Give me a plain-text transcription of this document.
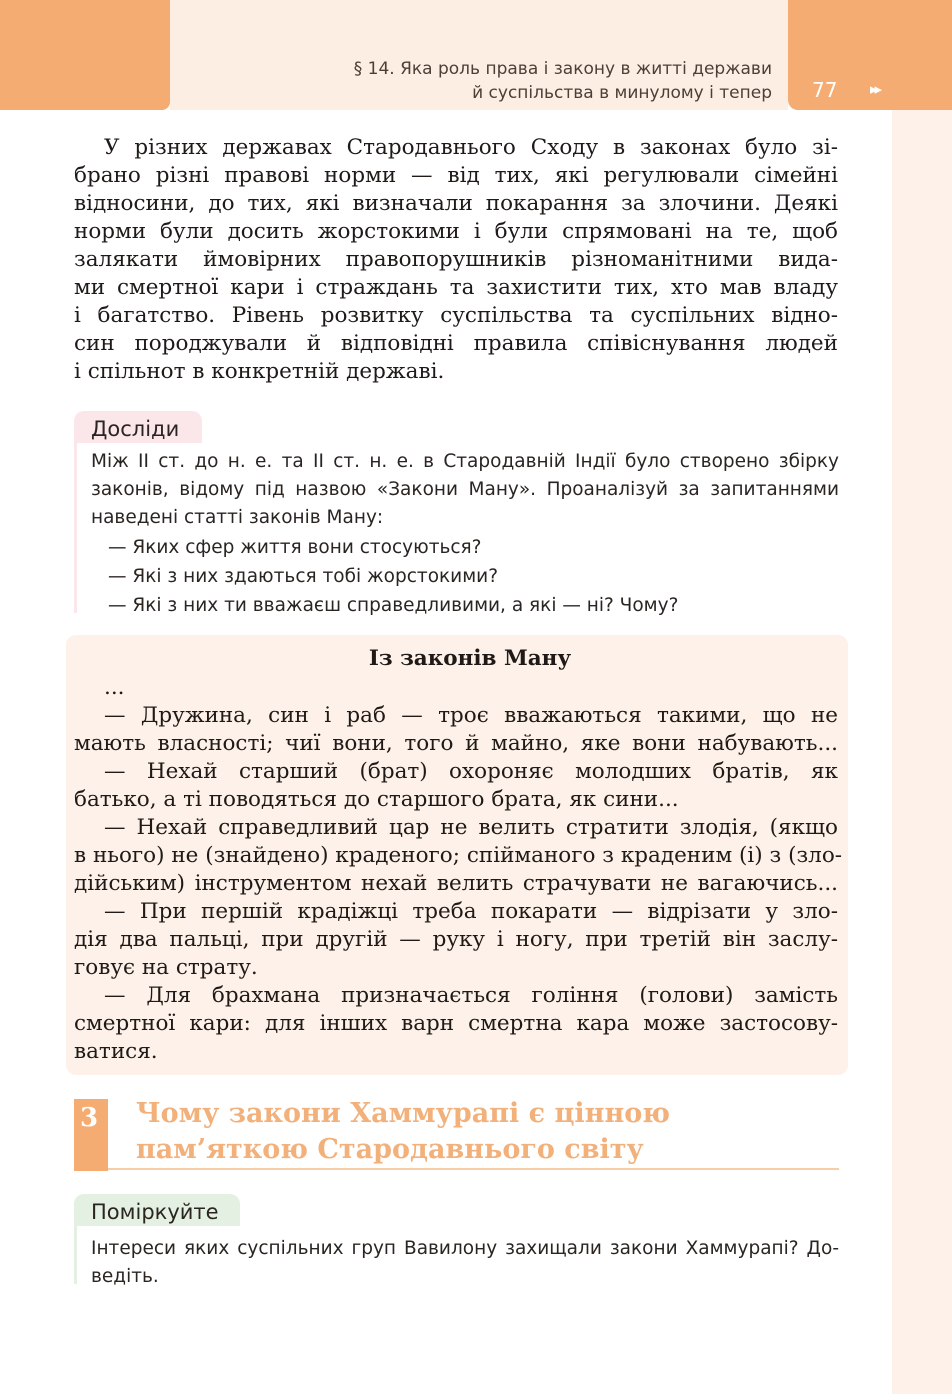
§ 14. Яка роль права і закону в житті держави
й суспільства в минулому і тепер 77 ▸▸
У різних державах Стародавнього Сходу в законах було зі-
брано різні правові норми — від тих, які регулювали сімейні
відносини, до тих, які визначали покарання за злочини. Деякі
норми були досить жорстокими і були спрямовані на те, щоб
залякати ймовірних правопорушників різноманітними вида-
ми смертної кари і страждань та захистити тих, хто мав владу
і багатство. Рівень розвитку суспільства та суспільних відно-
син породжували й відповідні правила співіснування людей
і спільнот в конкретній державі.
Досліди
Між ІІ ст. до н. е. та ІІ ст. н. е. в Стародавній Індії було створено збірку
законів, відому під назвою «Закони Ману». Проаналізуй за запитаннями
наведені статті законів Ману:
— Яких сфер життя вони стосуються?
— Які з них здаються тобі жорстокими?
— Які з них ти вважаєш справедливими, а які — ні? Чому?
Із законів Ману
...
— Дружина, син і раб — троє вважаються такими, що не
мають власності; чиї вони, того й майно, яке вони набувають...
— Нехай старший (брат) охороняє молодших братів, як
батько, а ті поводяться до старшого брата, як сини...
— Нехай справедливий цар не велить стратити злодія, (якщо
в нього) не (знайдено) краденого; спійманого з краденим (і) з (зло-
дійським) інструментом нехай велить страчувати не вагаючись...
— При першій крадіжці треба покарати — відрізати у зло-
дія два пальці, при другій — руку і ногу, при третій він заслу-
говує на страту.
— Для брахмана призначається гоління (голови) замість
смертної кари: для інших варн смертна кара може застосову-
ватися.
3 Чому закони Хаммурапі є цінною
пам’яткою Стародавнього світу
Поміркуйте
Інтереси яких суспільних груп Вавилону захищали закони Хаммурапі? До-
ведіть.
